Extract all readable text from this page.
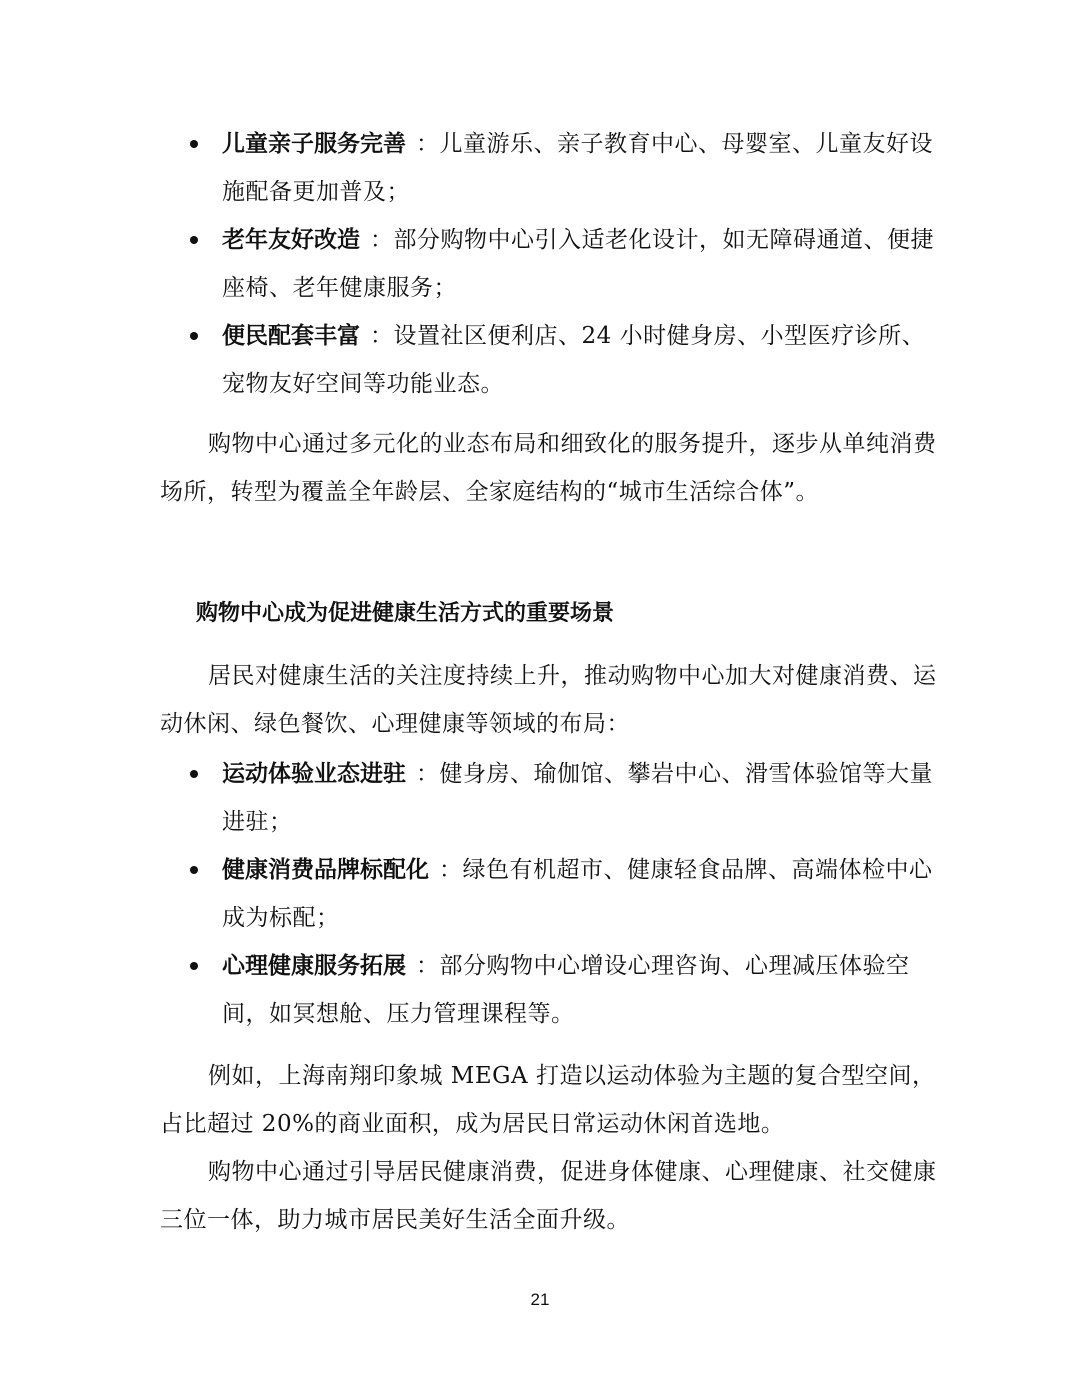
儿童亲子服务完善 ：儿童游乐、亲子教育中心、母婴室、儿童友好设施配备更加普及；
老年友好改造 ：部分购物中心引入适老化设计，如无障碍通道、便捷座椅、老年健康服务；
便民配套丰富 ：设置社区便利店、24 小时健身房、小型医疗诊所、宠物友好空间等功能业态。

购物中心通过多元化的业态布局和细致化的服务提升，逐步从单纯消费场所，转型为覆盖全年龄层、全家庭结构的“城市生活综合体”。

购物中心成为促进健康生活方式的重要场景

居民对健康生活的关注度持续上升，推动购物中心加大对健康消费、运动休闲、绿色餐饮、心理健康等领域的布局：

运动体验业态进驻 ：健身房、瑜伽馆、攀岩中心、滑雪体验馆等大量进驻；
健康消费品牌标配化 ：绿色有机超市、健康轻食品牌、高端体检中心成为标配；
心理健康服务拓展 ：部分购物中心增设心理咨询、心理减压体验空间，如冥想舱、压力管理课程等。

例如，上海南翔印象城 MEGA 打造以运动体验为主题的复合型空间，占比超过 20%的商业面积，成为居民日常运动休闲首选地。

购物中心通过引导居民健康消费，促进身体健康、心理健康、社交健康三位一体，助力城市居民美好生活全面升级。

21
